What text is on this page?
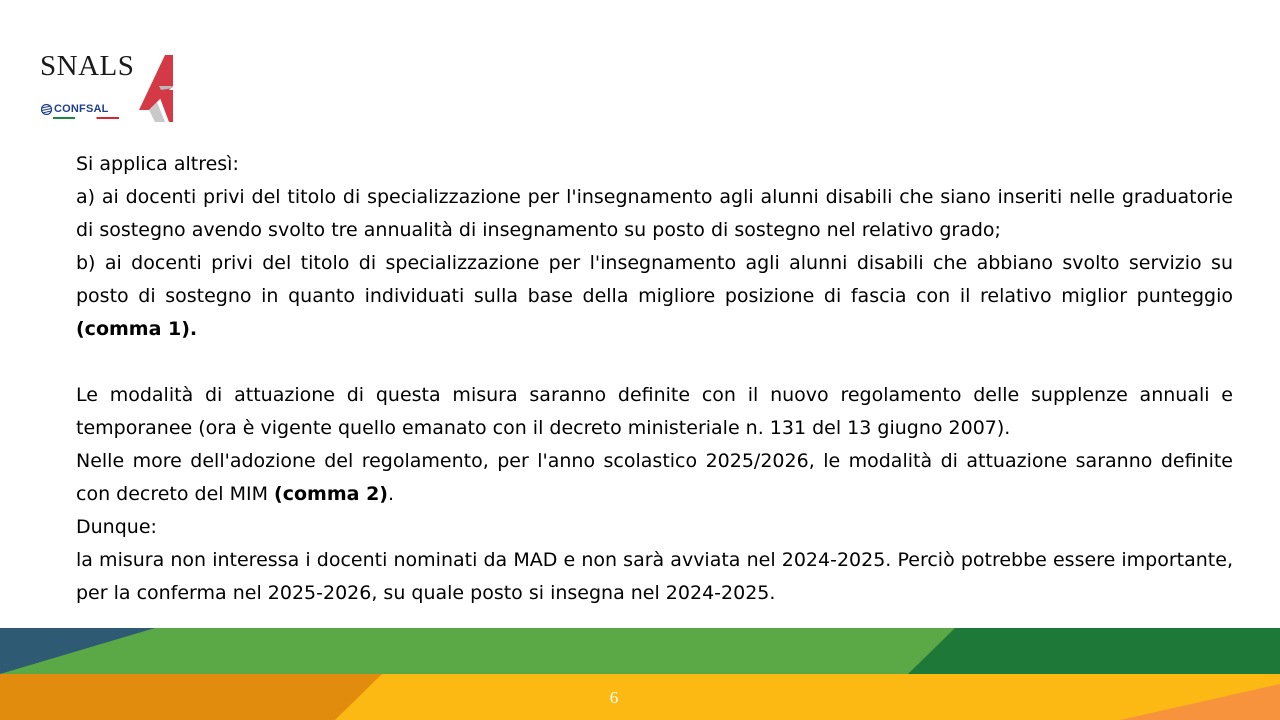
SNALS
CONFSAL

Si applica altresì:

a) ai docenti privi del titolo di specializzazione per l'insegnamento agli alunni disabili che siano inseriti nelle graduatorie di sostegno avendo svolto tre annualità di insegnamento su posto di sostegno nel relativo grado;

b) ai docenti privi del titolo di specializzazione per l'insegnamento agli alunni disabili che abbiano svolto servizio su posto di sostegno in quanto individuati sulla base della migliore posizione di fascia con il relativo miglior punteggio (comma 1).

Le modalità di attuazione di questa misura saranno definite con il nuovo regolamento delle supplenze annuali e temporanee (ora è vigente quello emanato con il decreto ministeriale n. 131 del 13 giugno 2007).

Nelle more dell'adozione del regolamento, per l'anno scolastico 2025/2026, le modalità di attuazione saranno definite con decreto del MIM (comma 2).

Dunque:

la misura non interessa i docenti nominati da MAD e non sarà avviata nel 2024-2025. Perciò potrebbe essere importante, per la conferma nel 2025-2026, su quale posto si insegna nel 2024-2025.

6
